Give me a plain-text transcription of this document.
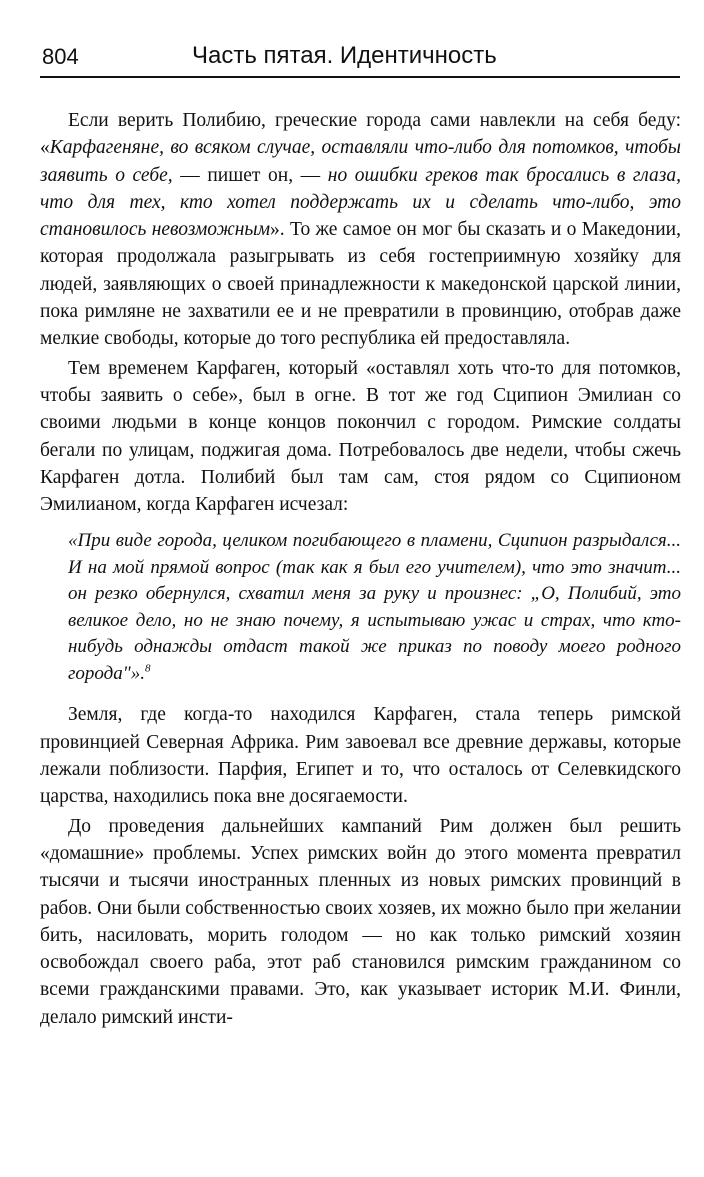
804	Часть пятая. Идентичность

Если верить Полибию, греческие города сами навлекли на себя беду: «Карфагеняне, во всяком случае, оставляли что-либо для потомков, чтобы заявить о себе, — пишет он, — но ошибки греков так бросались в глаза, что для тех, кто хотел поддержать их и сделать что-либо, это становилось невозможным». То же самое он мог бы сказать и о Македонии, которая продолжала разыгрывать из себя гостеприимную хозяйку для людей, заявляющих о своей принадлежности к македонской царской линии, пока римляне не захватили ее и не превратили в провинцию, отобрав даже мелкие свободы, которые до того республика ей предоставляла.

Тем временем Карфаген, который «оставлял хоть что-то для потомков, чтобы заявить о себе», был в огне. В тот же год Сципион Эмилиан со своими людьми в конце концов покончил с городом. Римские солдаты бегали по улицам, поджигая дома. Потребовалось две недели, чтобы сжечь Карфаген дотла. Полибий был там сам, стоя рядом со Сципионом Эмилианом, когда Карфаген исчезал:

«При виде города, целиком погибающего в пламени, Сципион разрыдался... И на мой прямой вопрос (так как я был его учителем), что это значит... он резко обернулся, схватил меня за руку и произнес: „О, Полибий, это великое дело, но не знаю почему, я испытываю ужас и страх, что кто-нибудь однажды отдаст такой же приказ по поводу моего родного города"».$^8$

Земля, где когда-то находился Карфаген, стала теперь римской провинцией Северная Африка. Рим завоевал все древние державы, которые лежали поблизости. Парфия, Египет и то, что осталось от Селевкидского царства, находились пока вне досягаемости.

До проведения дальнейших кампаний Рим должен был решить «домашние» проблемы. Успех римских войн до этого момента превратил тысячи и тысячи иностранных пленных из новых римских провинций в рабов. Они были собственностью своих хозяев, их можно было при желании бить, насиловать, морить голодом — но как только римский хозяин освобождал своего раба, этот раб становился римским гражданином со всеми гражданскими правами. Это, как указывает историк М.И. Финли, делало римский инсти-
